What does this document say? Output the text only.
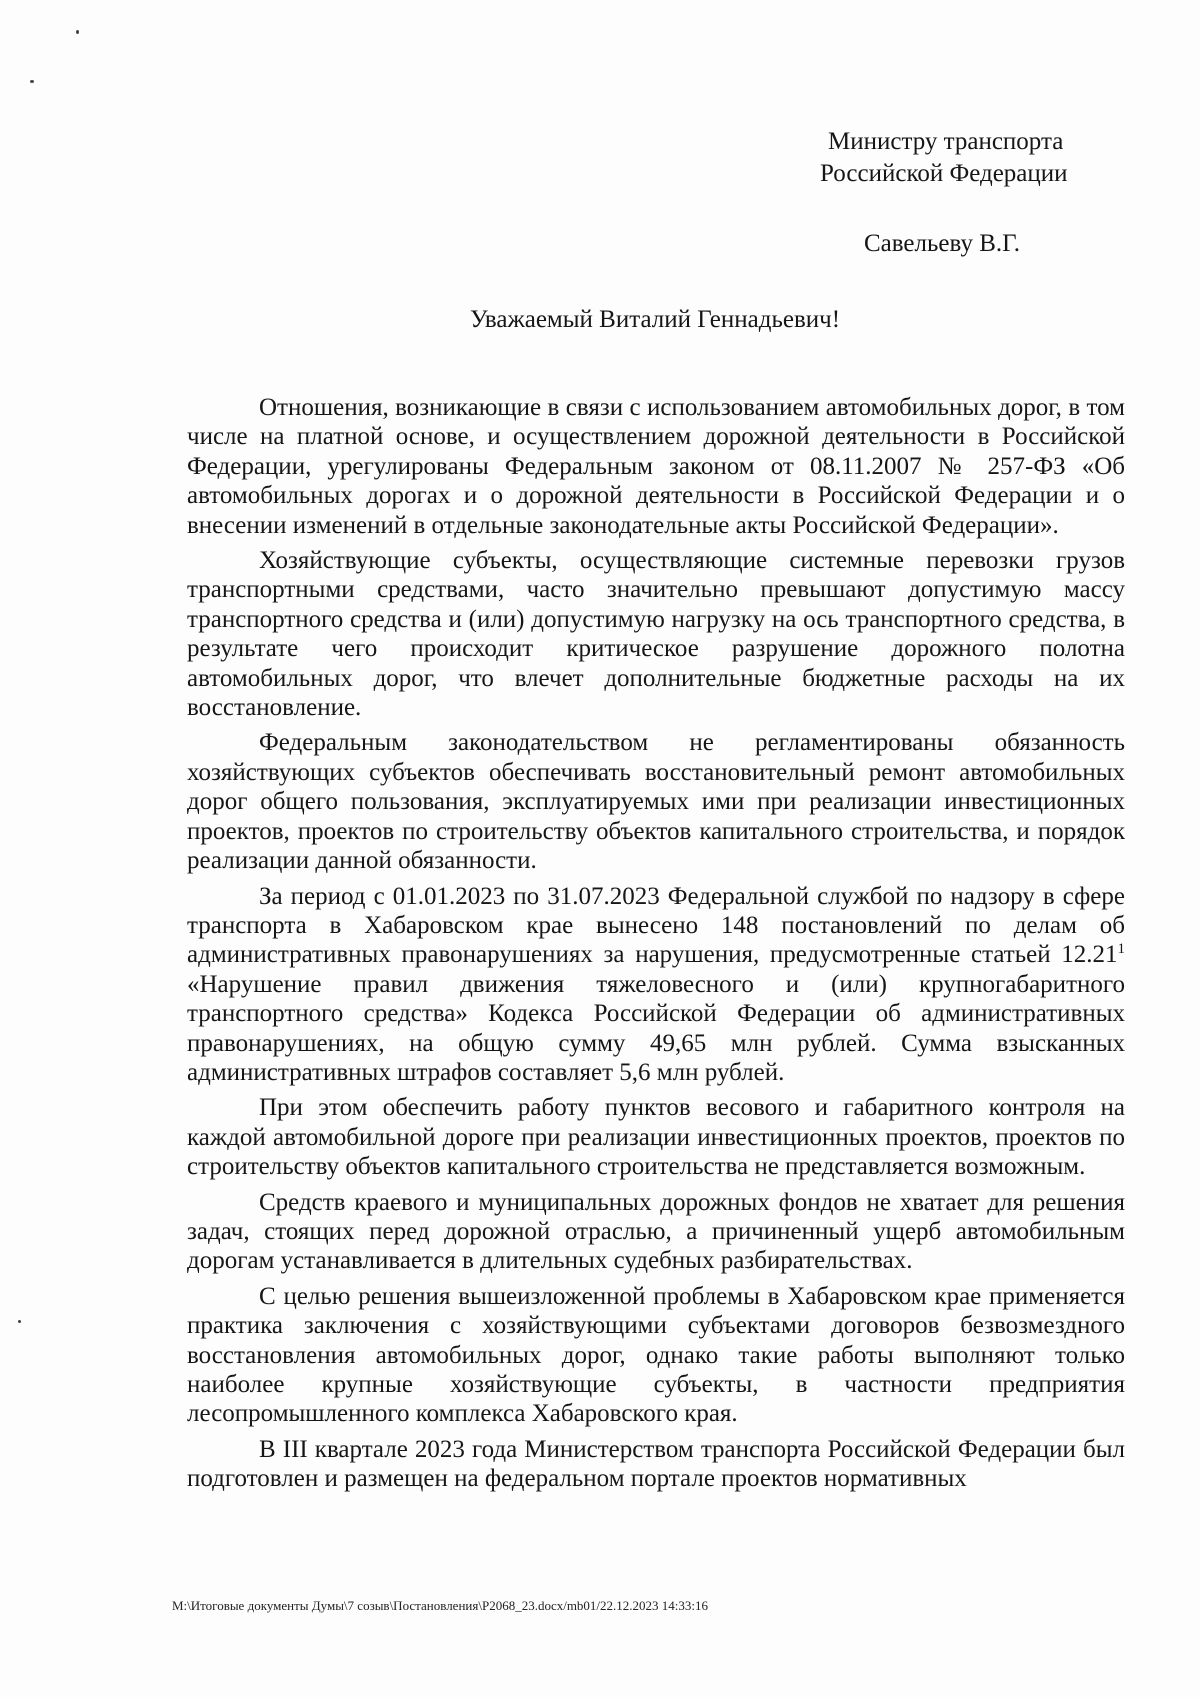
Министру транспорта
Российской Федерации
Савельеву В.Г.
Уважаемый Виталий Геннадьевич!

Отношения, возникающие в связи с использованием автомобильных дорог, в том числе на платной основе, и осуществлением дорожной деятельности в Российской Федерации, урегулированы Федеральным законом от 08.11.2007 № 257-ФЗ «Об автомобильных дорогах и о дорожной деятельности в Российской Федерации и о внесении изменений в отдельные законодательные акты Российской Федерации».

Хозяйствующие субъекты, осуществляющие системные перевозки грузов транспортными средствами, часто значительно превышают допустимую массу транспортного средства и (или) допустимую нагрузку на ось транспортного средства, в результате чего происходит критическое разрушение дорожного полотна автомобильных дорог, что влечет дополнительные бюджетные расходы на их восстановление.

Федеральным законодательством не регламентированы обязанность хозяйствующих субъектов обеспечивать восстановительный ремонт автомобильных дорог общего пользования, эксплуатируемых ими при реализации инвестиционных проектов, проектов по строительству объектов капитального строительства, и порядок реализации данной обязанности.

За период с 01.01.2023 по 31.07.2023 Федеральной службой по надзору в сфере транспорта в Хабаровском крае вынесено 148 постановлений по делам об административных правонарушениях за нарушения, предусмотренные статьей 12.21$^1$ «Нарушение правил движения тяжеловесного и (или) крупногабаритного транспортного средства» Кодекса Российской Федерации об административных правонарушениях, на общую сумму 49,65 млн рублей. Сумма взысканных административных штрафов составляет 5,6 млн рублей.

При этом обеспечить работу пунктов весового и габаритного контроля на каждой автомобильной дороге при реализации инвестиционных проектов, проектов по строительству объектов капитального строительства не представляется возможным.

Средств краевого и муниципальных дорожных фондов не хватает для решения задач, стоящих перед дорожной отраслью, а причиненный ущерб автомобильным дорогам устанавливается в длительных судебных разбирательствах.

С целью решения вышеизложенной проблемы в Хабаровском крае применяется практика заключения с хозяйствующими субъектами договоров безвозмездного восстановления автомобильных дорог, однако такие работы выполняют только наиболее крупные хозяйствующие субъекты, в частности предприятия лесопромышленного комплекса Хабаровского края.

В III квартале 2023 года Министерством транспорта Российской Федерации был подготовлен и размещен на федеральном портале проектов нормативных

M:\Итоговые документы Думы\7 созыв\Постановления\P2068_23.docx/mb01/22.12.2023 14:33:16
